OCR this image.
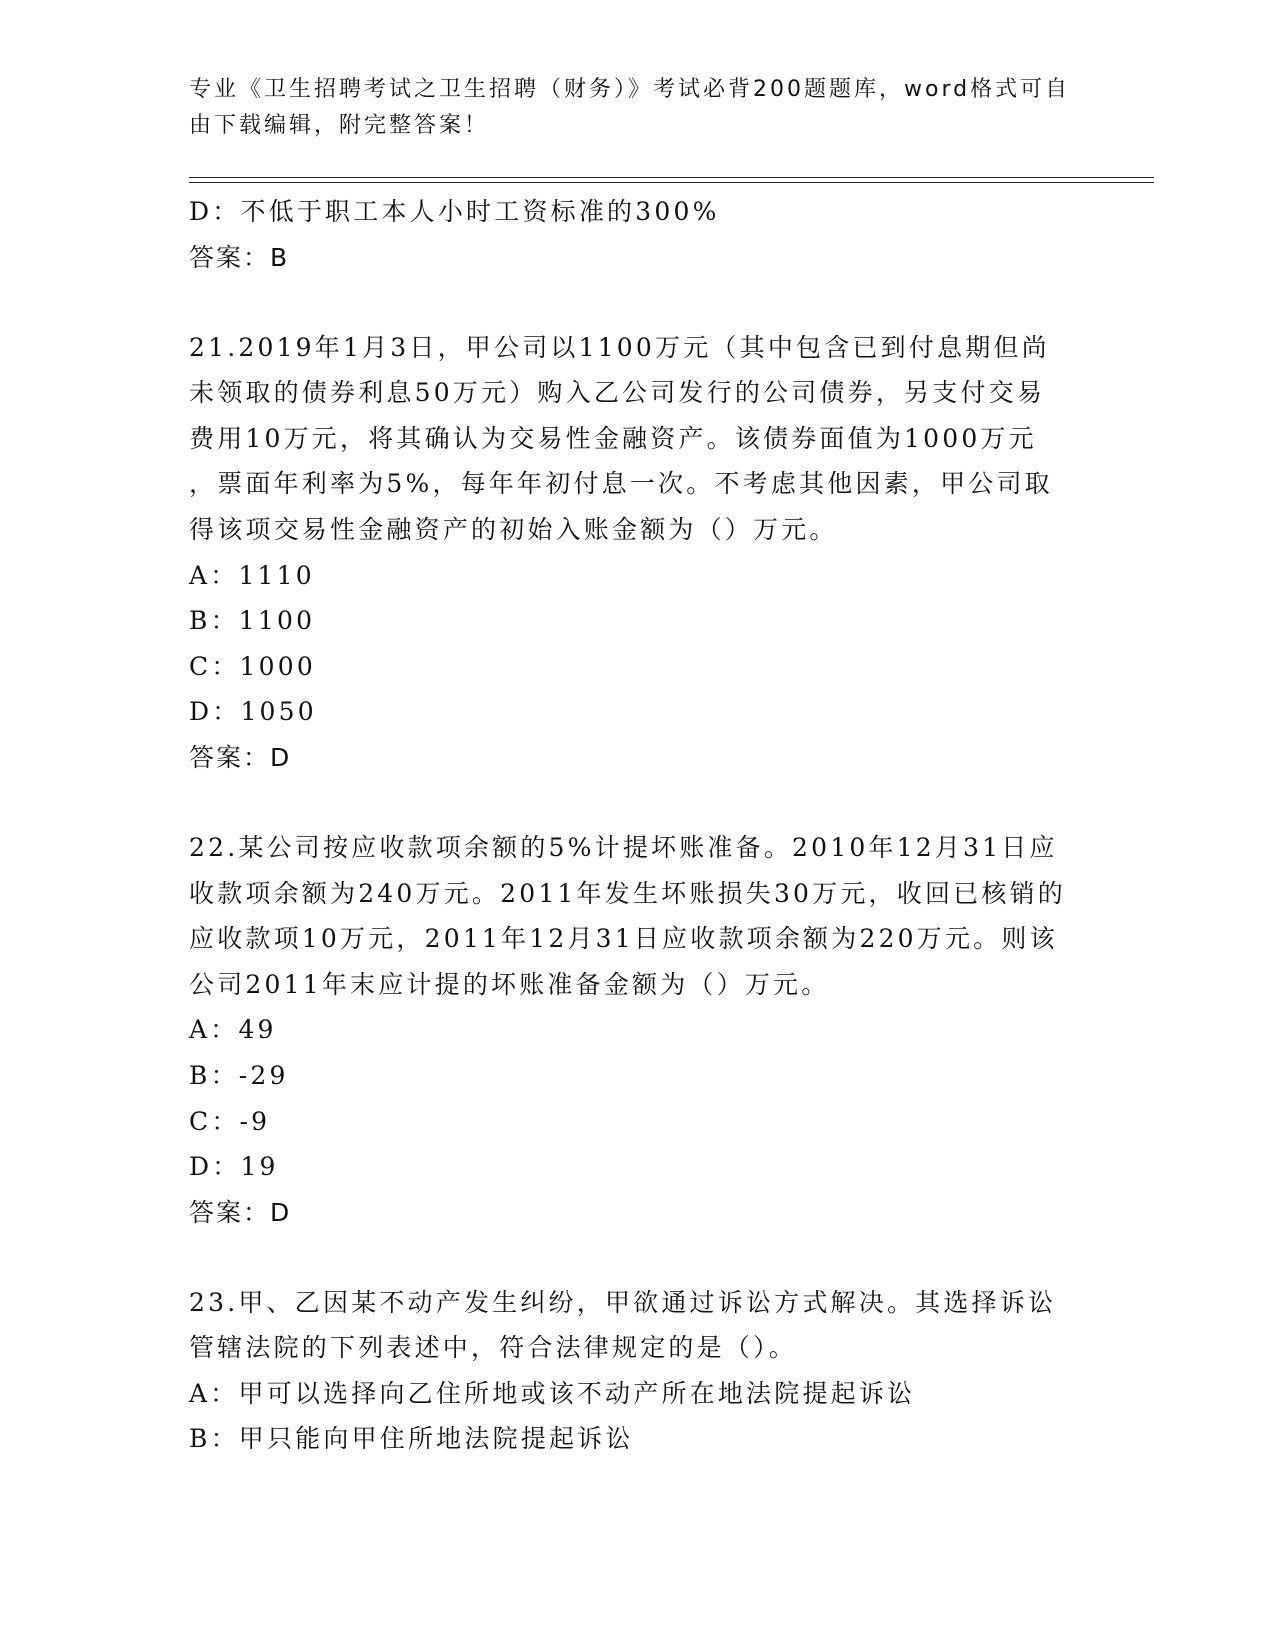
专业《卫生招聘考试之卫生招聘（财务）》考试必背200题题库，word格式可自
由下载编辑，附完整答案！
D：不低于职工本人小时工资标准的300%
答案：B
21.2019年1月3日，甲公司以1100万元（其中包含已到付息期但尚
未领取的债券利息50万元）购入乙公司发行的公司债券，另支付交易
费用10万元，将其确认为交易性金融资产。该债券面值为1000万元
，票面年利率为5%，每年年初付息一次。不考虑其他因素，甲公司取
得该项交易性金融资产的初始入账金额为（）万元。
A：1110
B：1100
C：1000
D：1050
答案：D
22.某公司按应收款项余额的5%计提坏账准备。2010年12月31日应
收款项余额为240万元。2011年发生坏账损失30万元，收回已核销的
应收款项10万元，2011年12月31日应收款项余额为220万元。则该
公司2011年末应计提的坏账准备金额为（）万元。
A：49
B：-29
C：-9
D：19
答案：D
23.甲、乙因某不动产发生纠纷，甲欲通过诉讼方式解决。其选择诉讼
管辖法院的下列表述中，符合法律规定的是（）。
A：甲可以选择向乙住所地或该不动产所在地法院提起诉讼
B：甲只能向甲住所地法院提起诉讼
